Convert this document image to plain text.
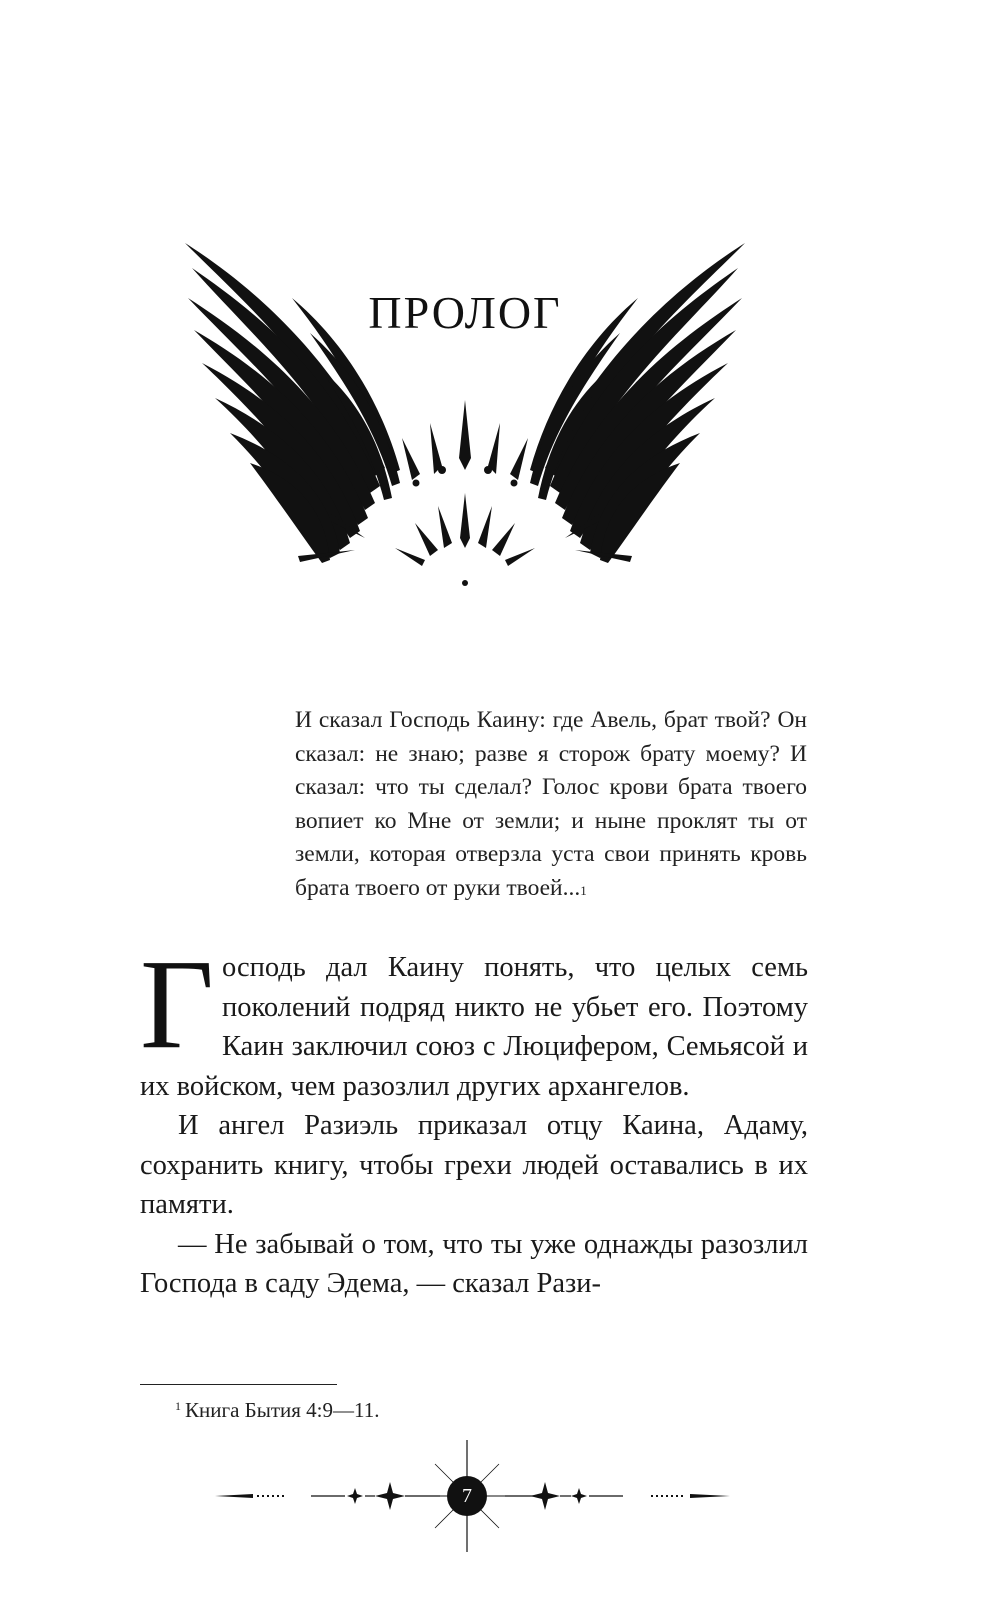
ПРОЛОГ

И сказал Господь Каину: где Авель, брат твой? Он сказал: не знаю; разве я сторож брату моему? И сказал: что ты сделал? Голос крови брата твоего вопиет ко Мне от земли; и ныне проклят ты от земли, которая отверзла уста свои принять кровь брата твоего от руки твоей...$^1$

Господь дал Каину понять, что целых семь поколений подряд никто не убьет его. Поэтому Каин заключил союз с Люцифером, Семьясой и их войском, чем разозлил других архангелов.

И ангел Разиэль приказал отцу Каина, Адаму, сохранить книгу, чтобы грехи людей оставались в их памяти.

— Не забывай о том, что ты уже однажды разозлил Господа в саду Эдема, — сказал Рази-

$^1$ Книга Бытия 4:9—11.
7
